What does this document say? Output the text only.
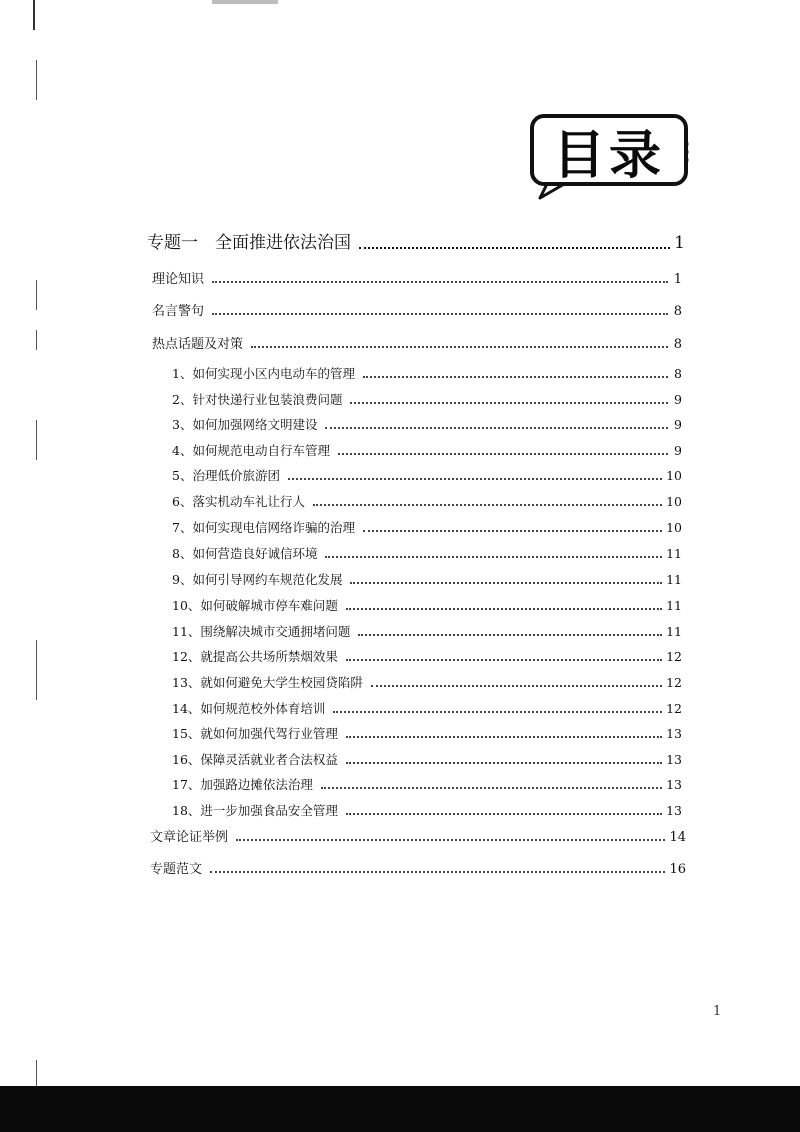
目录
专题一　全面推进依法治国	1
理论知识	1
名言警句	8
热点话题及对策	8
1、如何实现小区内电动车的管理	8
2、针对快递行业包装浪费问题	9
3、如何加强网络文明建设	9
4、如何规范电动自行车管理	9
5、治理低价旅游团	10
6、落实机动车礼让行人	10
7、如何实现电信网络诈骗的治理	10
8、如何营造良好诚信环境	11
9、如何引导网约车规范化发展	11
10、如何破解城市停车难问题	11
11、围绕解决城市交通拥堵问题	11
12、就提高公共场所禁烟效果	12
13、就如何避免大学生校园贷陷阱	12
14、如何规范校外体育培训	12
15、就如何加强代驾行业管理	13
16、保障灵活就业者合法权益	13
17、加强路边摊依法治理	13
18、进一步加强食品安全管理	13
文章论证举例	14
专题范文	16
1
